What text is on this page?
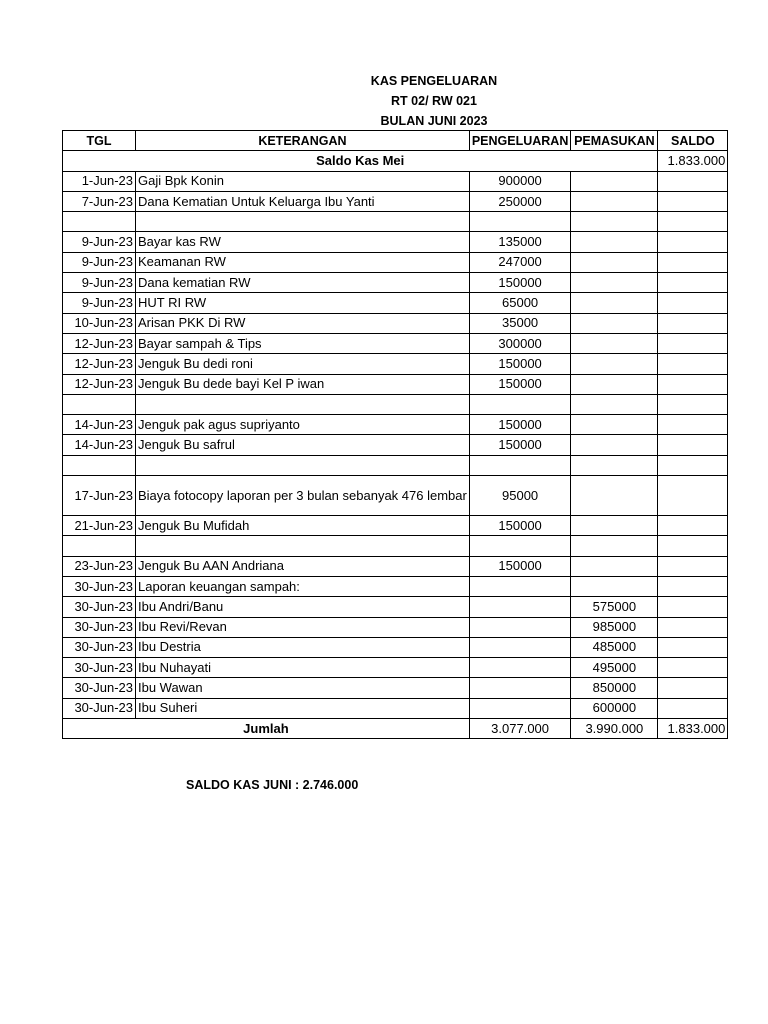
KAS PENGELUARAN
RT 02/ RW 021
BULAN JUNI 2023
TGL	KETERANGAN	PENGELUARAN	PEMASUKAN	SALDO
Saldo Kas Mei				1.833.000
1-Jun-23	Gaji Bpk Konin	900000		
7-Jun-23	Dana Kematian Untuk Keluarga Ibu Yanti	250000		

9-Jun-23	Bayar kas RW	135000		
9-Jun-23	Keamanan RW	247000		
9-Jun-23	Dana kematian RW	150000		
9-Jun-23	HUT RI RW	65000		
10-Jun-23	Arisan PKK Di RW	35000		
12-Jun-23	Bayar sampah & Tips	300000		
12-Jun-23	Jenguk Bu dedi roni	150000		
12-Jun-23	Jenguk Bu dede bayi Kel P iwan	150000		

14-Jun-23	Jenguk pak agus supriyanto	150000		
14-Jun-23	Jenguk Bu safrul	150000		

17-Jun-23	Biaya fotocopy laporan per 3 bulan sebanyak 476 lembar	95000		
21-Jun-23	Jenguk Bu Mufidah	150000		

23-Jun-23	Jenguk Bu AAN Andriana	150000		
30-Jun-23	Laporan keuangan sampah:			
30-Jun-23	Ibu Andri/Banu		575000	
30-Jun-23	Ibu Revi/Revan		985000	
30-Jun-23	Ibu Destria		485000	
30-Jun-23	Ibu Nuhayati		495000	
30-Jun-23	Ibu Wawan		850000	
30-Jun-23	Ibu Suheri		600000	
Jumlah		3.077.000	3.990.000	1.833.000
SALDO KAS JUNI : 2.746.000
